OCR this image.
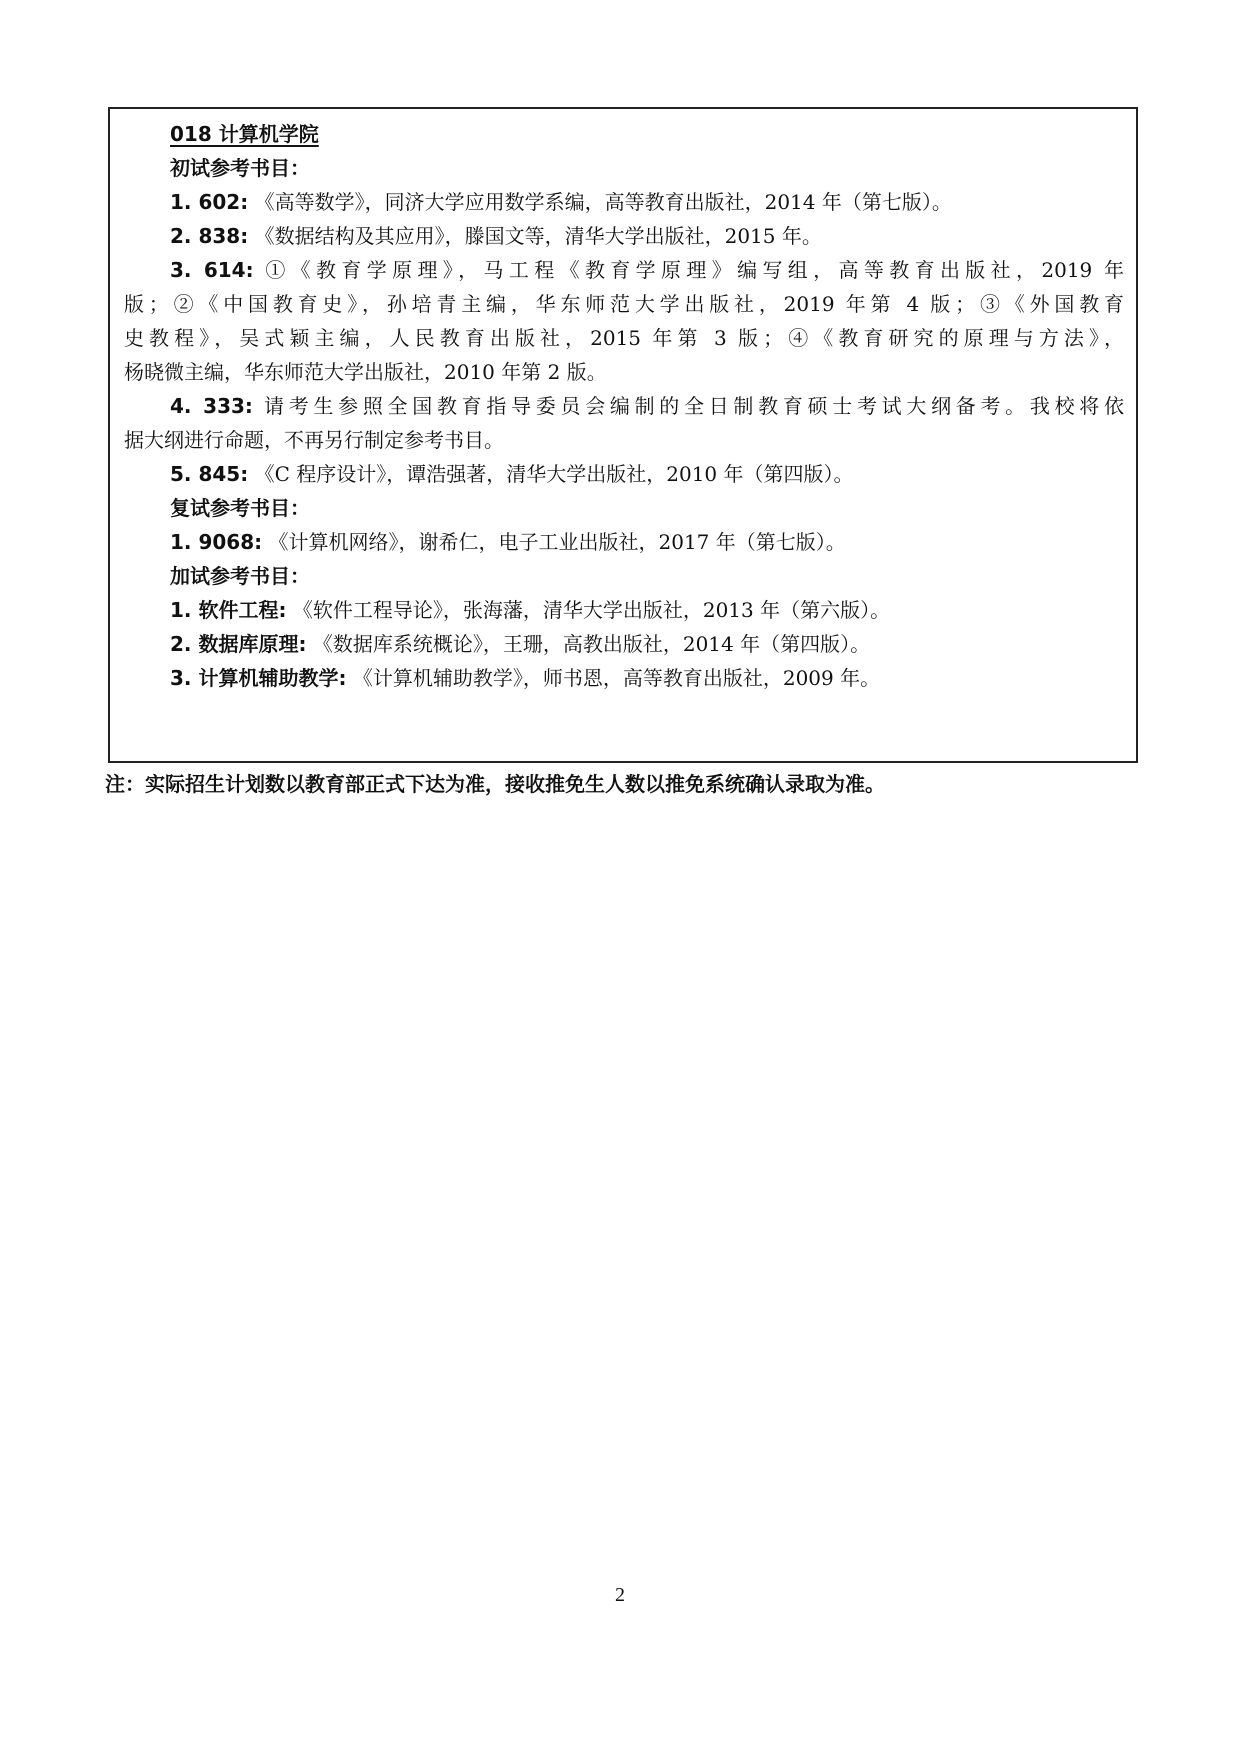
018 计算机学院
初试参考书目：
1. 602: 《高等数学》，同济大学应用数学系编，高等教育出版社，2014 年（第七版）。
2. 838: 《数据结构及其应用》，滕国文等，清华大学出版社，2015 年。
3. 614: ①《教育学原理》，马工程《教育学原理》编写组，高等教育出版社，2019 年
版；②《中国教育史》，孙培青主编，华东师范大学出版社，2019 年第 4 版；③《外国教育
史教程》，吴式颖主编，人民教育出版社，2015 年第 3 版；④《教育研究的原理与方法》，
杨晓微主编，华东师范大学出版社，2010 年第 2 版。
4. 333: 请考生参照全国教育指导委员会编制的全日制教育硕士考试大纲备考。我校将依
据大纲进行命题，不再另行制定参考书目。
5. 845: 《C 程序设计》，谭浩强著，清华大学出版社，2010 年（第四版）。
复试参考书目：
1. 9068: 《计算机网络》，谢希仁，电子工业出版社，2017 年（第七版）。
加试参考书目：
1. 软件工程: 《软件工程导论》，张海藩，清华大学出版社，2013 年（第六版）。
2. 数据库原理: 《数据库系统概论》，王珊，高教出版社，2014 年（第四版）。
3. 计算机辅助教学: 《计算机辅助教学》，师书恩，高等教育出版社，2009 年。
注：实际招生计划数以教育部正式下达为准，接收推免生人数以推免系统确认录取为准。
2
